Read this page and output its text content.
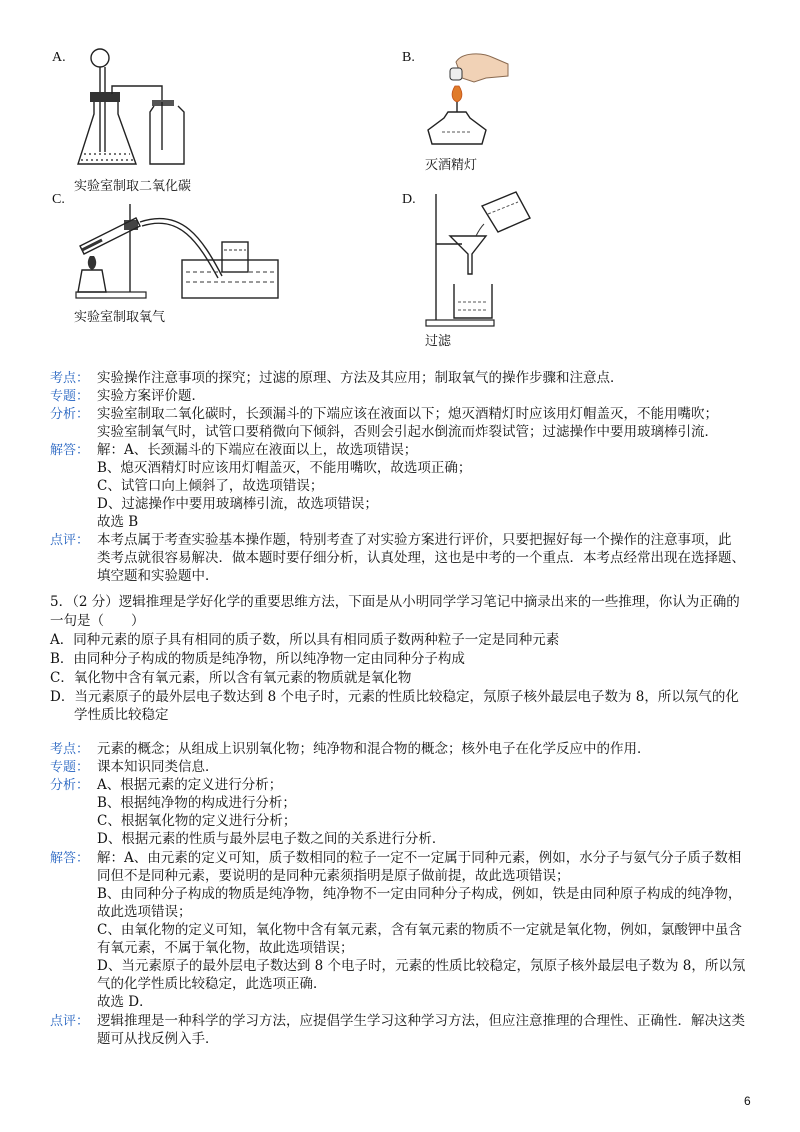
A.
实验室制取二氧化碳
B.
灭酒精灯
C.
实验室制取氧气
D.
过滤
考点： 实验操作注意事项的探究；过滤的原理、方法及其应用；制取氧气的操作步骤和注意点．
专题： 实验方案评价题．
分析： 实验室制取二氧化碳时，长颈漏斗的下端应该在液面以下；熄灭酒精灯时应该用灯帽盖灭，不能用嘴吹；
实验室制氧气时，试管口要稍微向下倾斜，否则会引起水倒流而炸裂试管；过滤操作中要用玻璃棒引流．
解答： 解：A、长颈漏斗的下端应在液面以上，故选项错误；
B、熄灭酒精灯时应该用灯帽盖灭，不能用嘴吹，故选项正确；
C、试管口向上倾斜了，故选项错误；
D、过滤操作中要用玻璃棒引流，故选项错误；
故选 B
点评： 本考点属于考查实验基本操作题，特别考查了对实验方案进行评价，只要把握好每一个操作的注意事项，此
类考点就很容易解决．做本题时要仔细分析，认真处理，这也是中考的一个重点．本考点经常出现在选择题、
填空题和实验题中．
5．（2 分）逻辑推理是学好化学的重要思维方法，下面是从小明同学学习笔记中摘录出来的一些推理，你认为正确的
一句是（　　）
A．同种元素的原子具有相同的质子数，所以具有相同质子数两种粒子一定是同种元素
B．由同种分子构成的物质是纯净物，所以纯净物一定由同种分子构成
C．氧化物中含有氧元素，所以含有氧元素的物质就是氧化物
D．当元素原子的最外层电子数达到 8 个电子时，元素的性质比较稳定，氖原子核外最层电子数为 8，所以氖气的化
学性质比较稳定
考点： 元素的概念；从组成上识别氧化物；纯净物和混合物的概念；核外电子在化学反应中的作用．
专题： 课本知识同类信息．
分析： A、根据元素的定义进行分析；
B、根据纯净物的构成进行分析；
C、根据氧化物的定义进行分析；
D、根据元素的性质与最外层电子数之间的关系进行分析．
解答： 解：A、由元素的定义可知，质子数相同的粒子一定不一定属于同种元素，例如，水分子与氨气分子质子数相
同但不是同种元素，要说明的是同种元素须指明是原子做前提，故此选项错误；
B、由同种分子构成的物质是纯净物，纯净物不一定由同种分子构成，例如，铁是由同种原子构成的纯净物，
故此选项错误；
C、由氧化物的定义可知，氧化物中含有氧元素，含有氧元素的物质不一定就是氧化物，例如，氯酸钾中虽含
有氧元素，不属于氧化物，故此选项错误；
D、当元素原子的最外层电子数达到 8 个电子时，元素的性质比较稳定，氖原子核外最层电子数为 8，所以氖
气的化学性质比较稳定，此选项正确．
故选 D．
点评： 逻辑推理是一种科学的学习方法，应提倡学生学习这种学习方法，但应注意推理的合理性、正确性．解决这类
题可从找反例入手．
6
